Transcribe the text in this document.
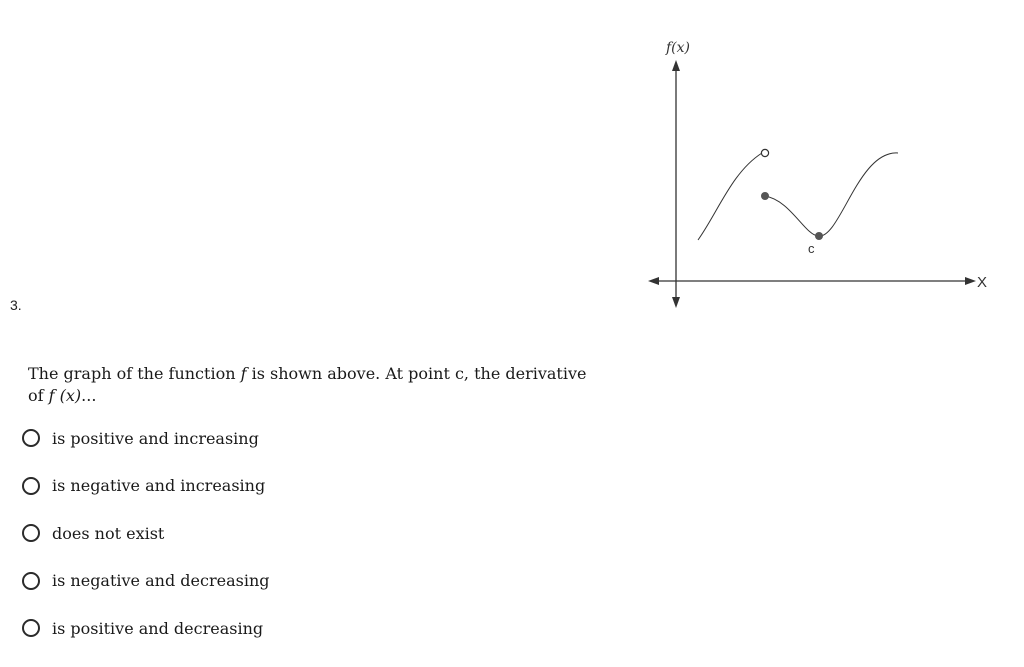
3.
f(x)
X
c
The graph of the function f is shown above. At point c, the derivative
of f (x)...
is positive and increasing
is negative and increasing
does not exist
is negative and decreasing
is positive and decreasing
